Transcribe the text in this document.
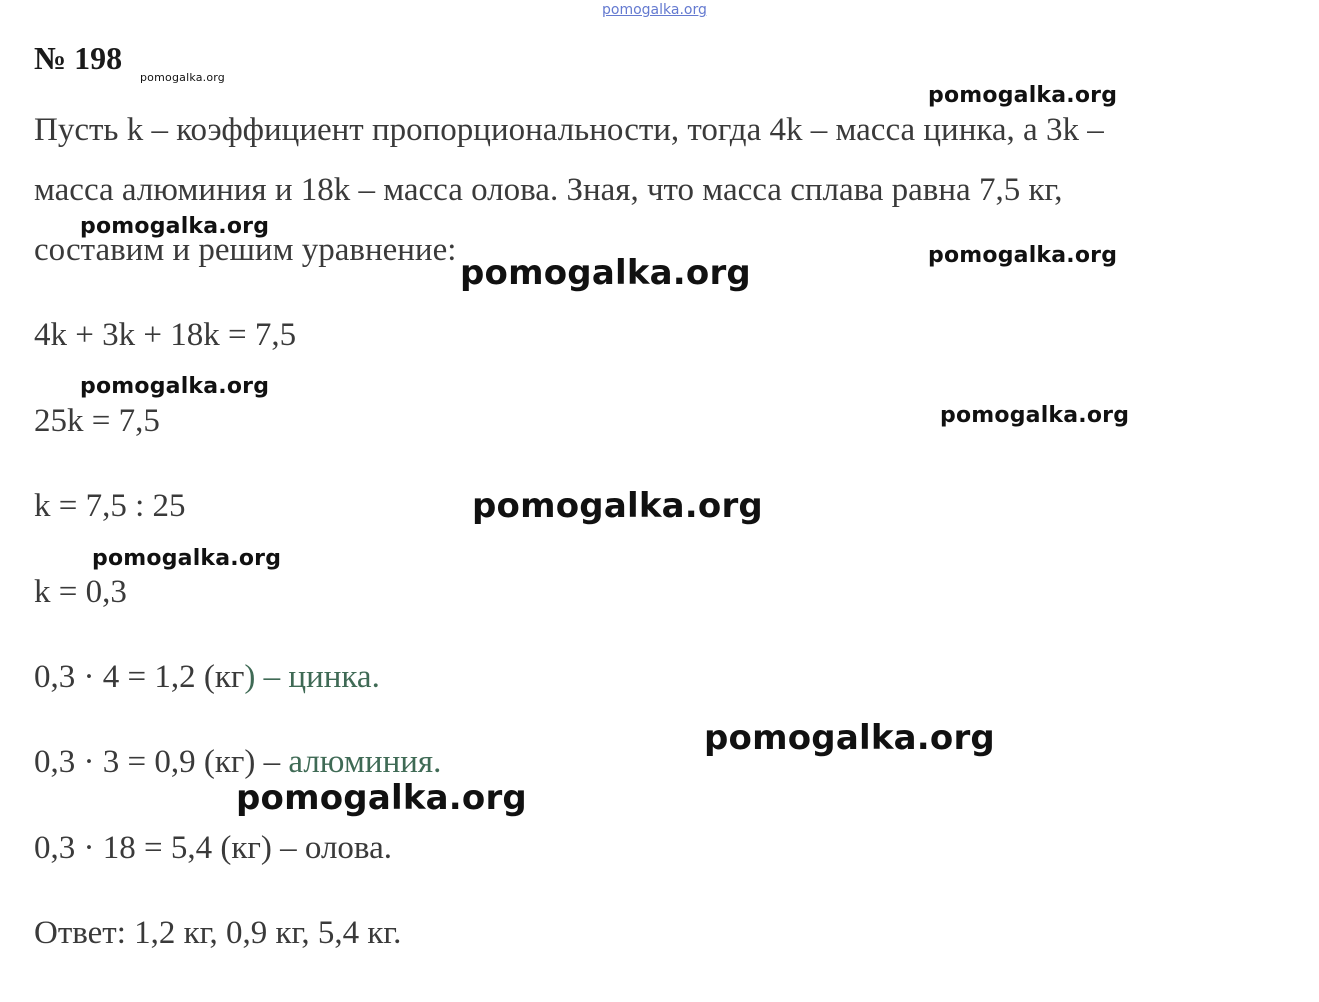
pomogalka.org
№ 198
pomogalka.org
Пусть k – коэффициент пропорциональности, тогда 4k – масса цинка, а 3k –
масса алюминия и 18k – масса олова. Зная, что масса сплава равна 7,5 кг,
составим и решим уравнение:
4k + 3k + 18k = 7,5
25k = 7,5
k = 7,5 : 25
k = 0,3
0,3 · 4 = 1,2 (кг) – цинка.
0,3 · 3 = 0,9 (кг) – алюминия.
0,3 · 18 = 5,4 (кг) – олова.
Ответ: 1,2 кг, 0,9 кг, 5,4 кг.
pomogalka.org
pomogalka.org
pomogalka.org
pomogalka.org
pomogalka.org
pomogalka.org
pomogalka.org
pomogalka.org
pomogalka.org
pomogalka.org
